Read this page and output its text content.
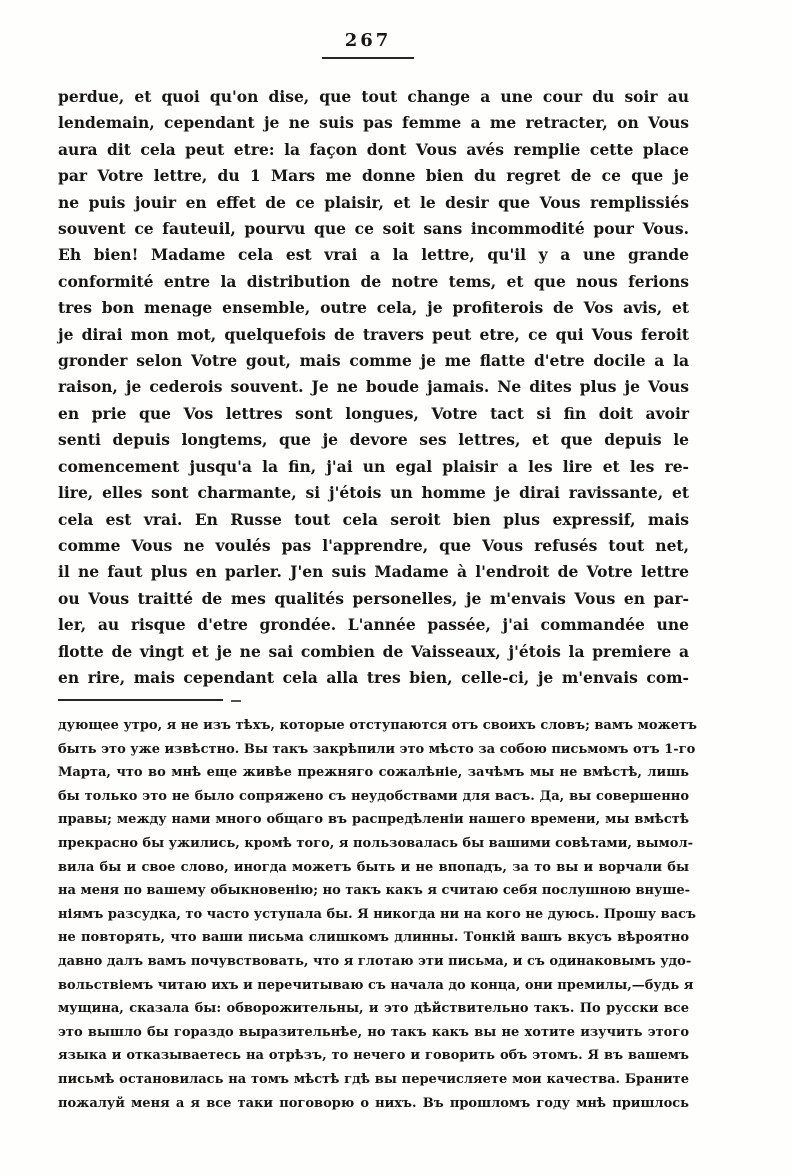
267
perdue, et quoi qu'on dise, que tout change a une cour du soir au
lendemain, cependant je ne suis pas femme a me retracter, on Vous
aura dit cela peut etre: la façon dont Vous avés remplie cette place
par Votre lettre, du 1 Mars me donne bien du regret de ce que je
ne puis jouir en effet de ce plaisir, et le desir que Vous remplissiés
souvent ce fauteuil, pourvu que ce soit sans incommodité pour Vous.
Eh bien! Madame cela est vrai a la lettre, qu'il y a une grande
conformité entre la distribution de notre tems, et que nous ferions
tres bon menage ensemble, outre cela, je profiterois de Vos avis, et
je dirai mon mot, quelquefois de travers peut etre, ce qui Vous feroit
gronder selon Votre gout, mais comme je me flatte d'etre docile a la
raison, je cederois souvent. Je ne boude jamais. Ne dites plus je Vous
en prie que Vos lettres sont longues, Votre tact si fin doit avoir
senti depuis longtems, que je devore ses lettres, et que depuis le
comencement jusqu'a la fin, j'ai un egal plaisir a les lire et les re-
lire, elles sont charmante, si j'étois un homme je dirai ravissante, et
cela est vrai. En Russe tout cela seroit bien plus expressif, mais
comme Vous ne voulés pas l'apprendre, que Vous refusés tout net,
il ne faut plus en parler. J'en suis Madame à l'endroit de Votre lettre
ou Vous traitté de mes qualités personelles, je m'envais Vous en par-
ler, au risque d'etre grondée. L'année passée, j'ai commandée une
flotte de vingt et je ne sai combien de Vaisseaux, j'étois la premiere a
en rire, mais cependant cela alla tres bien, celle-ci, je m'envais com-
дующее утро, я не изъ тѣхъ, которые отступаются отъ своихъ словъ; вамъ можетъ
быть это уже извѣстно. Вы такъ закрѣпили это мѣсто за собою письмомъ отъ 1-го
Марта, что во мнѣ еще живѣе прежняго сожалѣніе, зачѣмъ мы не вмѣстѣ, лишь
бы только это не было сопряжено съ неудобствами для васъ. Да, вы совершенно
правы; между нами много общаго въ распредѣленіи нашего времени, мы вмѣстѣ
прекрасно бы ужились, кромѣ того, я пользовалась бы вашими совѣтами, вымол-
вила бы и свое слово, иногда можетъ быть и не впопадъ, за то вы и ворчали бы
на меня по вашему обыкновенію; но такъ какъ я считаю себя послушною внуше-
ніямъ разсудка, то часто уступала бы. Я никогда ни на кого не дуюсь. Прошу васъ
не повторять, что ваши письма слишкомъ длинны. Тонкій вашъ вкусъ вѣроятно
давно далъ вамъ почувствовать, что я глотаю эти письма, и съ одинаковымъ удо-
вольствіемъ читаю ихъ и перечитываю съ начала до конца, они премилы,—будь я
мущина, сказала бы: обворожительны, и это дѣйствительно такъ. По русски все
это вышло бы гораздо выразительнѣе, но такъ какъ вы не хотите изучить этого
языка и отказываетесь на отрѣзъ, то нечего и говорить объ этомъ. Я въ вашемъ
письмѣ остановилась на томъ мѣстѣ гдѣ вы перечисляете мои качества. Браните
пожалуй меня а я все таки поговорю о нихъ. Въ прошломъ году мнѣ пришлось
